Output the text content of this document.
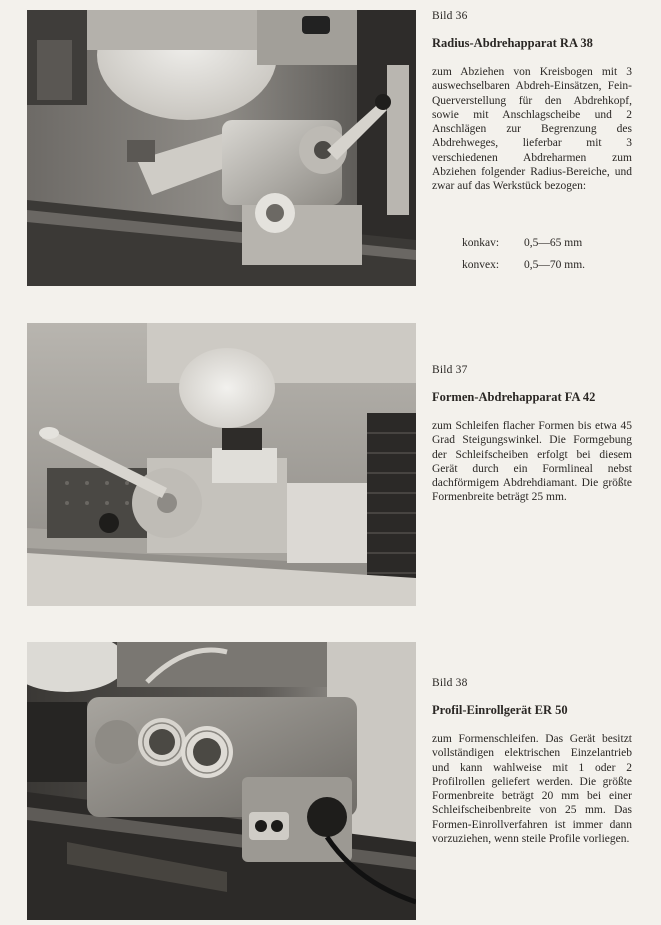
Bild 36

Radius-Abdrehapparat RA 38

zum Abziehen von Kreisbogen mit 3 auswechselbaren Abdreh-Einsätzen, Fein-Querverstellung für den Abdrehkopf, sowie mit Anschlagscheibe und 2 Anschlägen zur Begrenzung des Abdrehweges, lieferbar mit 3 verschiedenen Abdreharmen zum Abziehen folgender Radius-Bereiche, und zwar auf das Werkstück bezogen:

konkav:	0,5—65 mm
konvex:	0,5—70 mm.

Bild 37

Formen-Abdrehapparat FA 42

zum Schleifen flacher Formen bis etwa 45 Grad Steigungswinkel. Die Formgebung der Schleifscheiben erfolgt bei diesem Gerät durch ein Formlineal nebst dachförmigem Abdrehdiamant. Die größte Formenbreite beträgt 25 mm.

Bild 38

Profil-Einrollgerät ER 50

zum Formenschleifen. Das Gerät besitzt vollständigen elektrischen Einzelantrieb und kann wahlweise mit 1 oder 2 Profilrollen geliefert werden. Die größte Formenbreite beträgt 20 mm bei einer Schleifscheibenbreite von 25 mm. Das Formen-Einrollverfahren ist immer dann vorzuziehen, wenn steile Profile vorliegen.
